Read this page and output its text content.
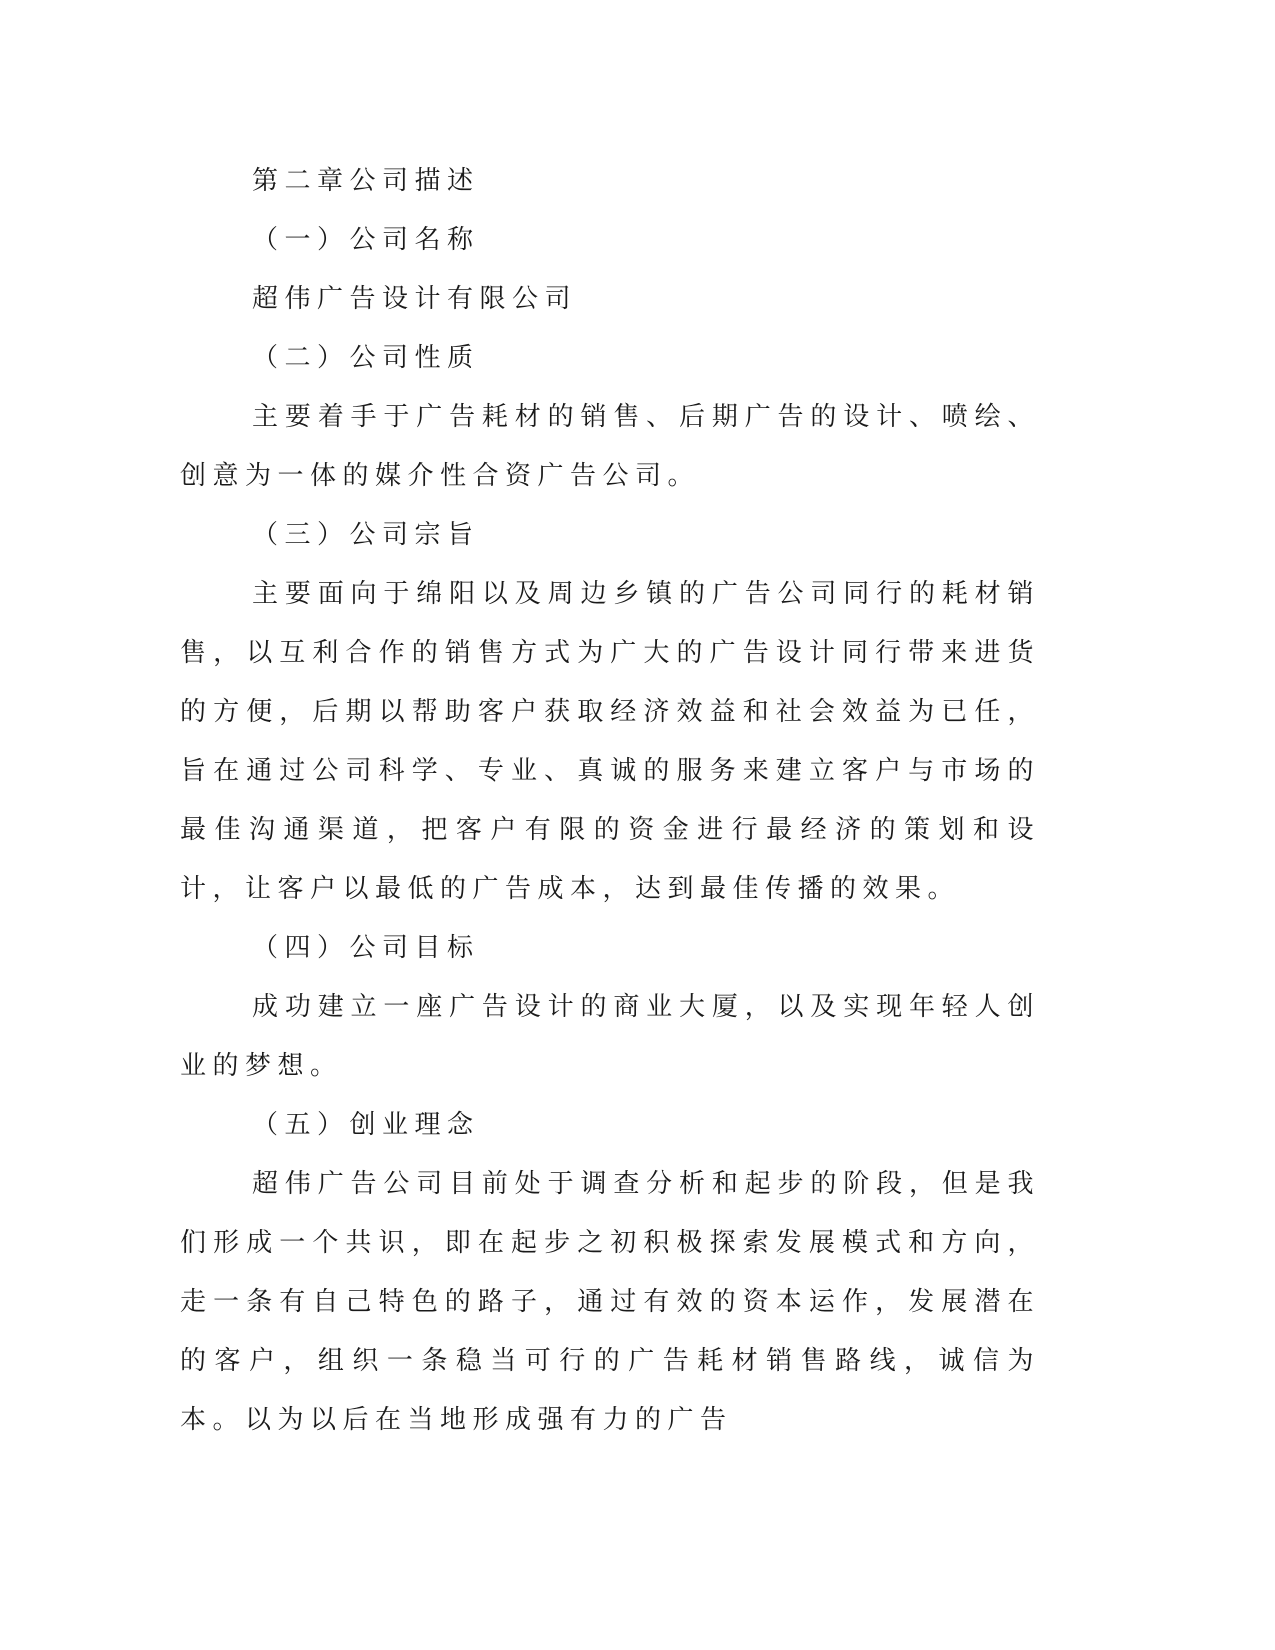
第二章公司描述

（一）公司名称

超伟广告设计有限公司

（二）公司性质

主要着手于广告耗材的销售、后期广告的设计、喷绘、创意为一体的媒介性合资广告公司。

（三）公司宗旨

主要面向于绵阳以及周边乡镇的广告公司同行的耗材销售，以互利合作的销售方式为广大的广告设计同行带来进货的方便，后期以帮助客户获取经济效益和社会效益为已任，旨在通过公司科学、专业、真诚的服务来建立客户与市场的最佳沟通渠道，把客户有限的资金进行最经济的策划和设计，让客户以最低的广告成本，达到最佳传播的效果。

（四）公司目标

成功建立一座广告设计的商业大厦，以及实现年轻人创业的梦想。

（五）创业理念

超伟广告公司目前处于调查分析和起步的阶段，但是我们形成一个共识，即在起步之初积极探索发展模式和方向，走一条有自己特色的路子，通过有效的资本运作，发展潜在的客户，组织一条稳当可行的广告耗材销售路线，诚信为本。以为以后在当地形成强有力的广告
